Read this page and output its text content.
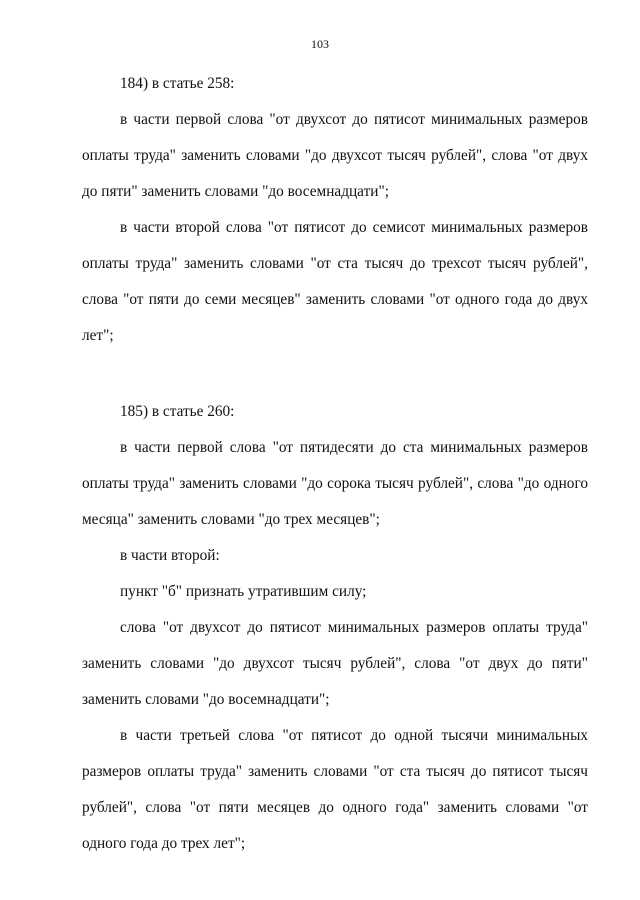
103

184) в статье 258:

в части первой слова "от двухсот до пятисот минимальных размеров оплаты труда" заменить словами "до двухсот тысяч рублей", слова "от двух до пяти" заменить словами "до восемнадцати";

в части второй слова "от пятисот до семисот минимальных размеров оплаты труда" заменить словами "от ста тысяч до трехсот тысяч рублей", слова "от пяти до семи месяцев" заменить словами "от одного года до двух лет";

185) в статье 260:

в части первой слова "от пятидесяти до ста минимальных размеров оплаты труда" заменить словами "до сорока тысяч рублей", слова "до одного месяца" заменить словами "до трех месяцев";

в части второй:

пункт "б" признать утратившим силу;

слова "от двухсот до пятисот минимальных размеров оплаты труда" заменить словами "до двухсот тысяч рублей", слова "от двух до пяти" заменить словами "до восемнадцати";

в части третьей слова "от пятисот до одной тысячи минимальных размеров оплаты труда" заменить словами "от ста тысяч до пятисот тысяч рублей", слова "от пяти месяцев до одного года" заменить словами "от одного года до трех лет";
